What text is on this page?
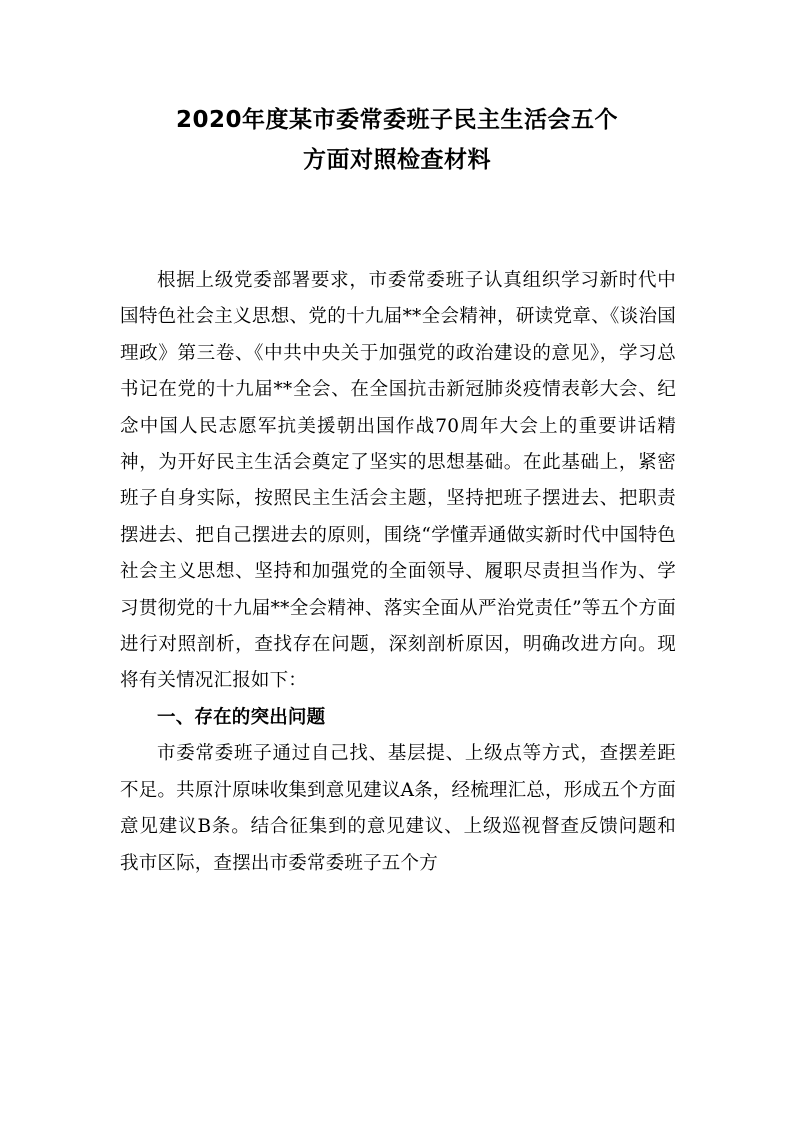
2020年度某市委常委班子民主生活会五个
方面对照检查材料

根据上级党委部署要求，市委常委班子认真组织学习新时代中国特色社会主义思想、党的十九届**全会精神，研读党章、《谈治国理政》第三卷、《中共中央关于加强党的政治建设的意见》，学习总书记在党的十九届**全会、在全国抗击新冠肺炎疫情表彰大会、纪念中国人民志愿军抗美援朝出国作战70周年大会上的重要讲话精神，为开好民主生活会奠定了坚实的思想基础。在此基础上，紧密班子自身实际，按照民主生活会主题，坚持把班子摆进去、把职责摆进去、把自己摆进去的原则，围绕“学懂弄通做实新时代中国特色社会主义思想、坚持和加强党的全面领导、履职尽责担当作为、学习贯彻党的十九届**全会精神、落实全面从严治党责任”等五个方面进行对照剖析，查找存在问题，深刻剖析原因，明确改进方向。现将有关情况汇报如下：

一、存在的突出问题

市委常委班子通过自己找、基层提、上级点等方式，查摆差距不足。共原汁原味收集到意见建议A条，经梳理汇总，形成五个方面意见建议B条。结合征集到的意见建议、上级巡视督查反馈问题和我市区际，查摆出市委常委班子五个方
